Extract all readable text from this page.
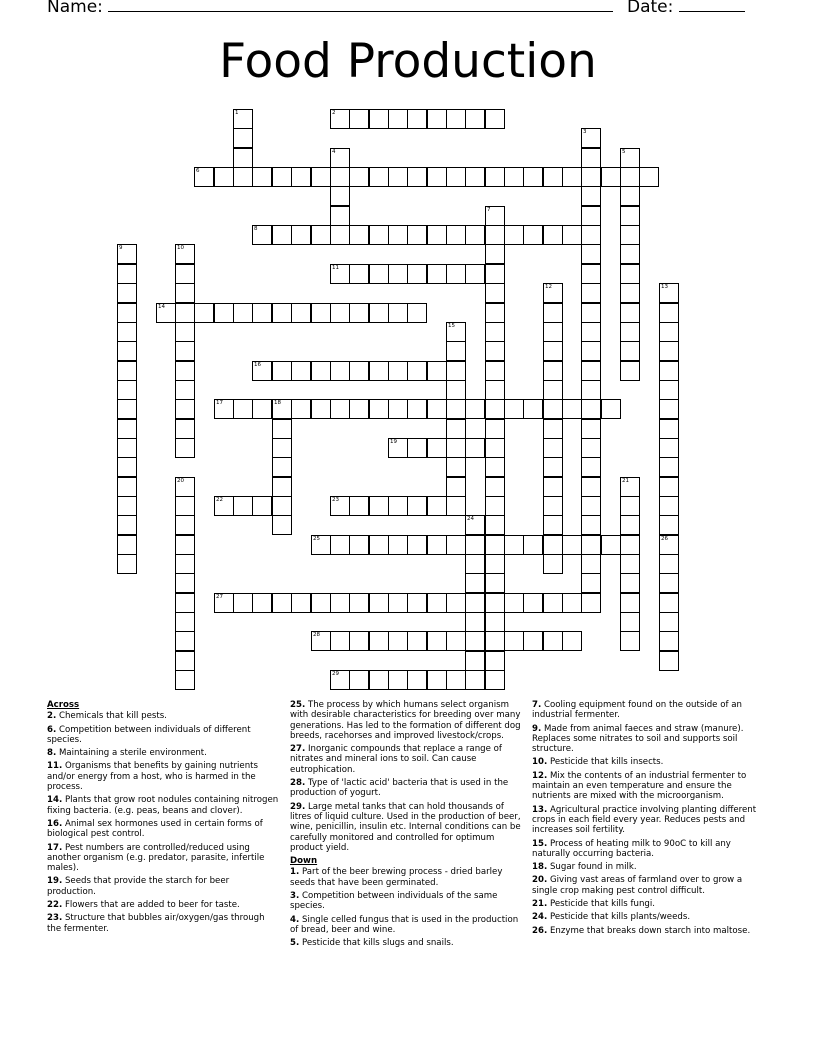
Name:	Date:
Food Production
1	2
3
4	5
6
7
8
9	10
11
12	13
26
14
15
16
17	18
19
20	21
22	23
24
25
27
28
29
Across
2. Chemicals that kill pests.
6. Competition between individuals of different species.
8. Maintaining a sterile environment.
11. Organisms that benefits by gaining nutrients and/or energy from a host, who is harmed in the process.
14. Plants that grow root nodules containing nitrogen fixing bacteria. (e.g. peas, beans and clover).
16. Animal sex hormones used in certain forms of biological pest control.
17. Pest numbers are controlled/reduced using another organism (e.g. predator, parasite, infertile males).
19. Seeds that provide the starch for beer production.
22. Flowers that are added to beer for taste.
23. Structure that bubbles air/oxygen/gas through the fermenter.
25. The process by which humans select organism with desirable characteristics for breeding over many generations. Has led to the formation of different dog breeds, racehorses and improved livestock/crops.
27. Inorganic compounds that replace a range of nitrates and mineral ions to soil. Can cause eutrophication.
28. Type of 'lactic acid' bacteria that is used in the production of yogurt.
29. Large metal tanks that can hold thousands of litres of liquid culture. Used in the production of beer, wine, penicillin, insulin etc. Internal conditions can be carefully monitored and controlled for optimum product yield.
Down
1. Part of the beer brewing process - dried barley seeds that have been germinated.
3. Competition between individuals of the same species.
4. Single celled fungus that is used in the production of bread, beer and wine.
5. Pesticide that kills slugs and snails.
7. Cooling equipment found on the outside of an industrial fermenter.
9. Made from animal faeces and straw (manure). Replaces some nitrates to soil and supports soil structure.
10. Pesticide that kills insects.
12. Mix the contents of an industrial fermenter to maintain an even temperature and ensure the nutrients are mixed with the microorganism.
13. Agricultural practice involving planting different crops in each field every year. Reduces pests and increases soil fertility.
15. Process of heating milk to 90oC to kill any naturally occurring bacteria.
18. Sugar found in milk.
20. Giving vast areas of farmland over to grow a single crop making pest control difficult.
21. Pesticide that kills fungi.
24. Pesticide that kills plants/weeds.
26. Enzyme that breaks down starch into maltose.
